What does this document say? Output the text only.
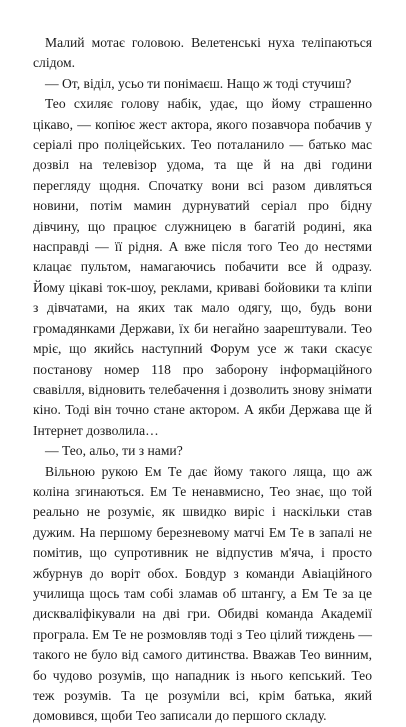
Малий мотає головою. Велетенські нуха теліпаються слідом.

— От, віділ, усьо ти понімаєш. Нащо ж тоді стучиш?

Тео схиляє голову набік, удає, що йому страшенно цікаво, — копіює жест актора, якого позавчора побачив у серіалі про поліцейських. Тео поталанило — батько мас дозвіл на телевізор удома, та ще й на дві години перегляду щодня. Спочатку вони всі разом дивляться новини, потім мамин дурнуватий серіал про бідну дівчину, що працює служницею в багатій родині, яка насправді — її рідня. А вже після того Тео до нестями клацає пультом, намагаючись побачити все й одразу. Йому цікаві ток-шоу, реклами, криваві бойовики та кліпи з дівчатами, на яких так мало одягу, що, будь вони громадянками Держави, їх би негайно заарештували. Тео мріє, що якийсь наступний Форум усе ж таки скасує постанову номер 118 про заборону інформаційного свавілля, відновить телебачення і дозволить знову знімати кіно. Тоді він точно стане актором. А якби Держава ще й Інтернет дозволила…

— Тео, альо, ти з нами?

Вільною рукою Ем Те дає йому такого ляща, що аж коліна згинаються. Ем Те ненавмисно, Тео знає, що той реально не розуміє, як швидко виріс і наскільки став дужим. На першому березневому матчі Ем Те в запалі не помітив, що супротивник не відпустив м'яча, і просто жбурнув до воріт обох. Бовдур з команди Авіаційного училища щось там собі зламав об штангу, а Ем Те за це дискваліфікували на дві гри. Обидві команда Академії програла. Ем Те не розмовляв тоді з Тео цілий тиждень — такого не було від самого дитинства. Вважав Тео винним, бо чудово розумів, що нападник із нього кепський. Тео теж розумів. Та це розуміли всі, крім батька, який домовився, щоби Тео записали до першого складу.
